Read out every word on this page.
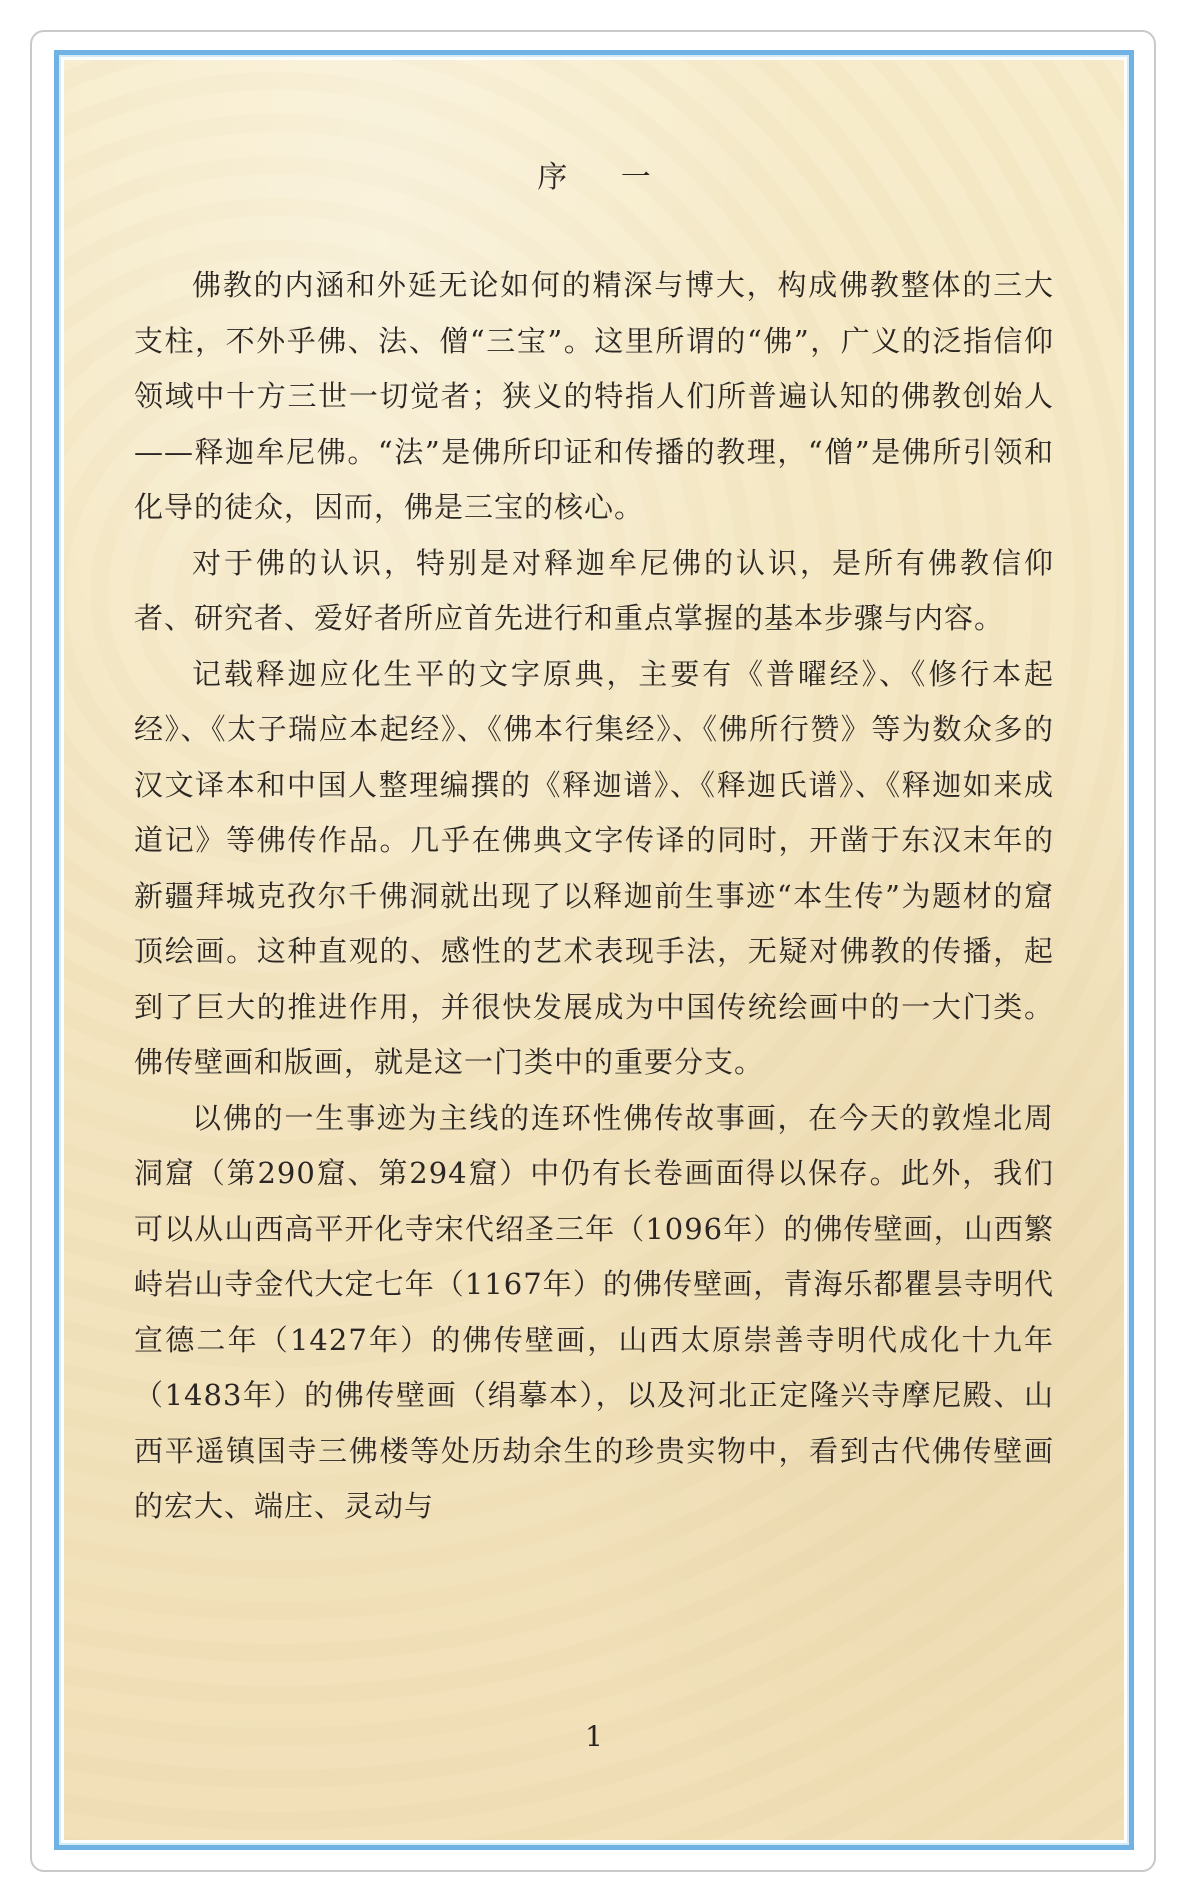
序 一

佛教的内涵和外延无论如何的精深与博大，构成佛教整体的三大支柱，不外乎佛、法、僧“三宝”。这里所谓的“佛”，广义的泛指信仰领域中十方三世一切觉者；狭义的特指人们所普遍认知的佛教创始人——释迦牟尼佛。“法”是佛所印证和传播的教理，“僧”是佛所引领和化导的徒众，因而，佛是三宝的核心。

对于佛的认识，特别是对释迦牟尼佛的认识，是所有佛教信仰者、研究者、爱好者所应首先进行和重点掌握的基本步骤与内容。

记载释迦应化生平的文字原典，主要有《普曜经》、《修行本起经》、《太子瑞应本起经》、《佛本行集经》、《佛所行赞》等为数众多的汉文译本和中国人整理编撰的《释迦谱》、《释迦氏谱》、《释迦如来成道记》等佛传作品。几乎在佛典文字传译的同时，开凿于东汉末年的新疆拜城克孜尔千佛洞就出现了以释迦前生事迹“本生传”为题材的窟顶绘画。这种直观的、感性的艺术表现手法，无疑对佛教的传播，起到了巨大的推进作用，并很快发展成为中国传统绘画中的一大门类。佛传壁画和版画，就是这一门类中的重要分支。

以佛的一生事迹为主线的连环性佛传故事画，在今天的敦煌北周洞窟（第290窟、第294窟）中仍有长卷画面得以保存。此外，我们可以从山西高平开化寺宋代绍圣三年（1096年）的佛传壁画，山西繁峙岩山寺金代大定七年（1167年）的佛传壁画，青海乐都瞿昙寺明代宣德二年（1427年）的佛传壁画，山西太原崇善寺明代成化十九年（1483年）的佛传壁画（绢摹本），以及河北正定隆兴寺摩尼殿、山西平遥镇国寺三佛楼等处历劫余生的珍贵实物中，看到古代佛传壁画的宏大、端庄、灵动与

1
